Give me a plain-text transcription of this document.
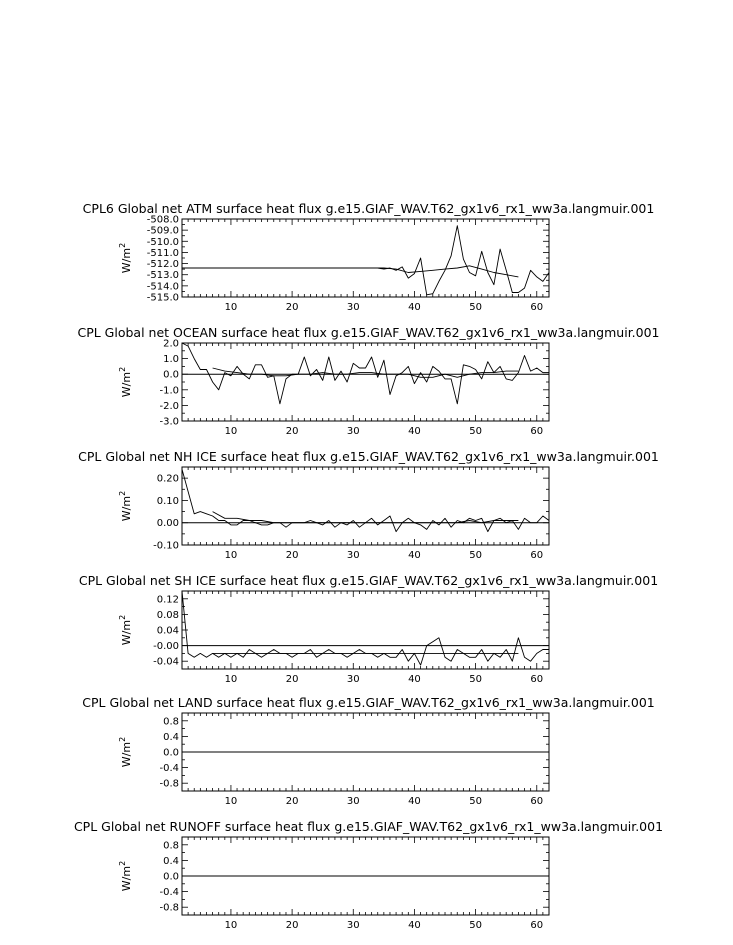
CPL6 Global net ATM surface heat flux g.e15.GIAF_WAV.T62_gx1v6_rx1_ww3a.langmuir.001
10	20	30	40	50	60
-508.0
-509.0
-510.0
-511.0
-512.0
-513.0
-514.0
-515.0
$W/m^2$
CPL Global net OCEAN surface heat flux g.e15.GIAF_WAV.T62_gx1v6_rx1_ww3a.langmuir.001
10	20	30	40	50	60
2.0
1.0
0.0
-1.0
-2.0
-3.0
$W/m^2$
CPL Global net NH ICE surface heat flux g.e15.GIAF_WAV.T62_gx1v6_rx1_ww3a.langmuir.001
10	20	30	40	50	60
0.20
0.10
0.00
-0.10
$W/m^2$
CPL Global net SH ICE surface heat flux g.e15.GIAF_WAV.T62_gx1v6_rx1_ww3a.langmuir.001
10	20	30	40	50	60
0.12
0.08
0.04
-0.00
-0.04
$W/m^2$
CPL Global net LAND surface heat flux g.e15.GIAF_WAV.T62_gx1v6_rx1_ww3a.langmuir.001
10	20	30	40	50	60
0.8
0.4
0.0
-0.4
-0.8
$W/m^2$
CPL Global net RUNOFF surface heat flux g.e15.GIAF_WAV.T62_gx1v6_rx1_ww3a.langmuir.001
10	20	30	40	50	60
0.8
0.4
0.0
-0.4
-0.8
$W/m^2$
